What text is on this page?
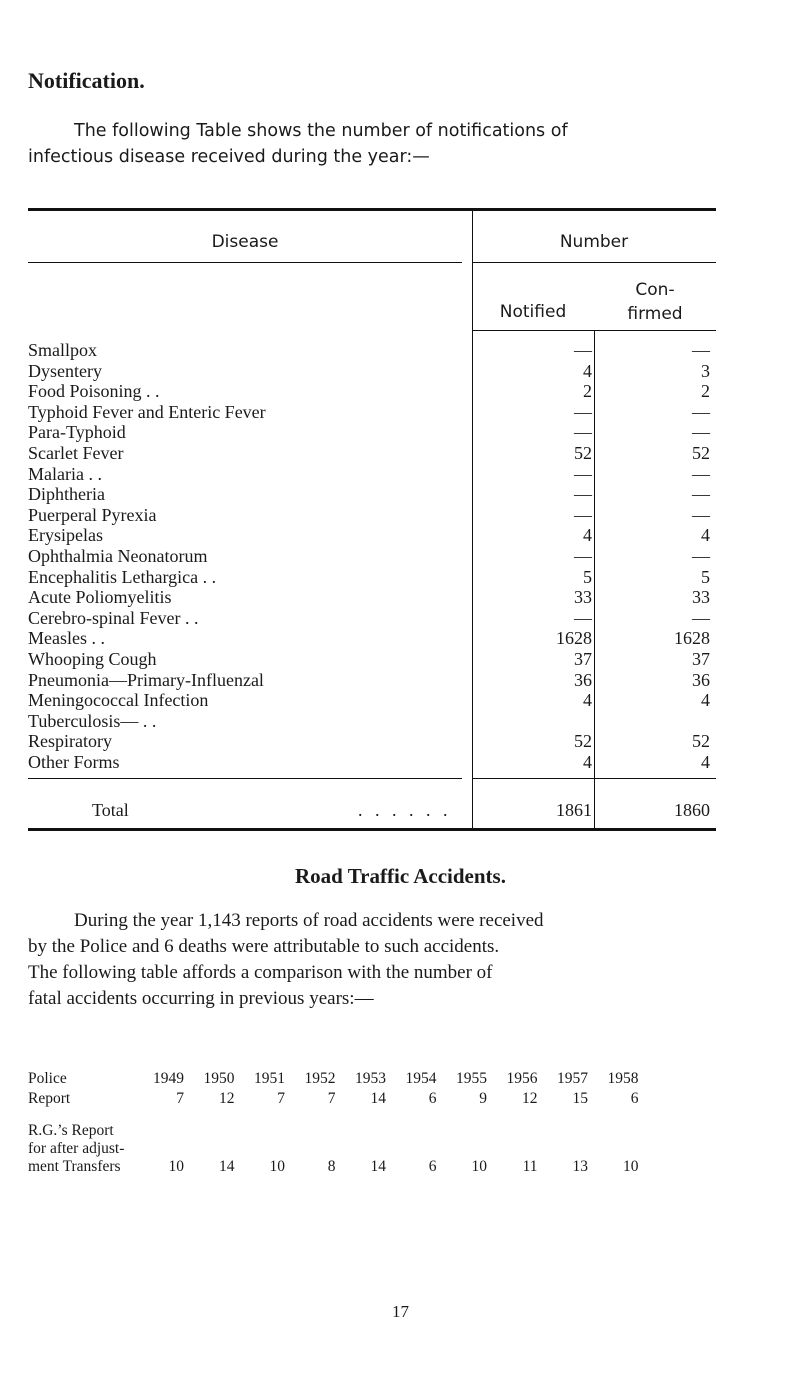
Notification.
The following Table shows the number of notifications of
infectious disease received during the year:—
Disease	Number
Notified
Con-
firmed
Smallpox	—	—
Dysentery	4	3
Food Poisoning . .	2	2
Typhoid Fever and Enteric Fever	—	—
Para-Typhoid	—	—
Scarlet Fever	52	52
Malaria . .	—	—
Diphtheria	—	—
Puerperal Pyrexia	—	—
Erysipelas	4	4
Ophthalmia Neonatorum	—	—
Encephalitis Lethargica . .	5	5
Acute Poliomyelitis	33	33
Cerebro-spinal Fever . .	—	—
Measles . .	1628	1628
Whooping Cough	37	37
Pneumonia—Primary-Influenzal	36	36
Meningococcal Infection	4	4
Tuberculosis— . .
Respiratory	52	52
Other Forms	4	4
Total	. . . . . .	1861	1860
Road Traffic Accidents.
During the year 1,143 reports of road accidents were received
by the Police and 6 deaths were attributable to such accidents.
The following table affords a comparison with the number of
fatal accidents occurring in previous years:—
Police	1949	1950	1951	1952	1953	1954	1955	1956	1957	1958
Report	7	12	7	7	14	6	9	12	15	6
R.G.’s Report
for after adjust-
ment Transfers	10	14	10	8	14	6	10	11	13	10
17
